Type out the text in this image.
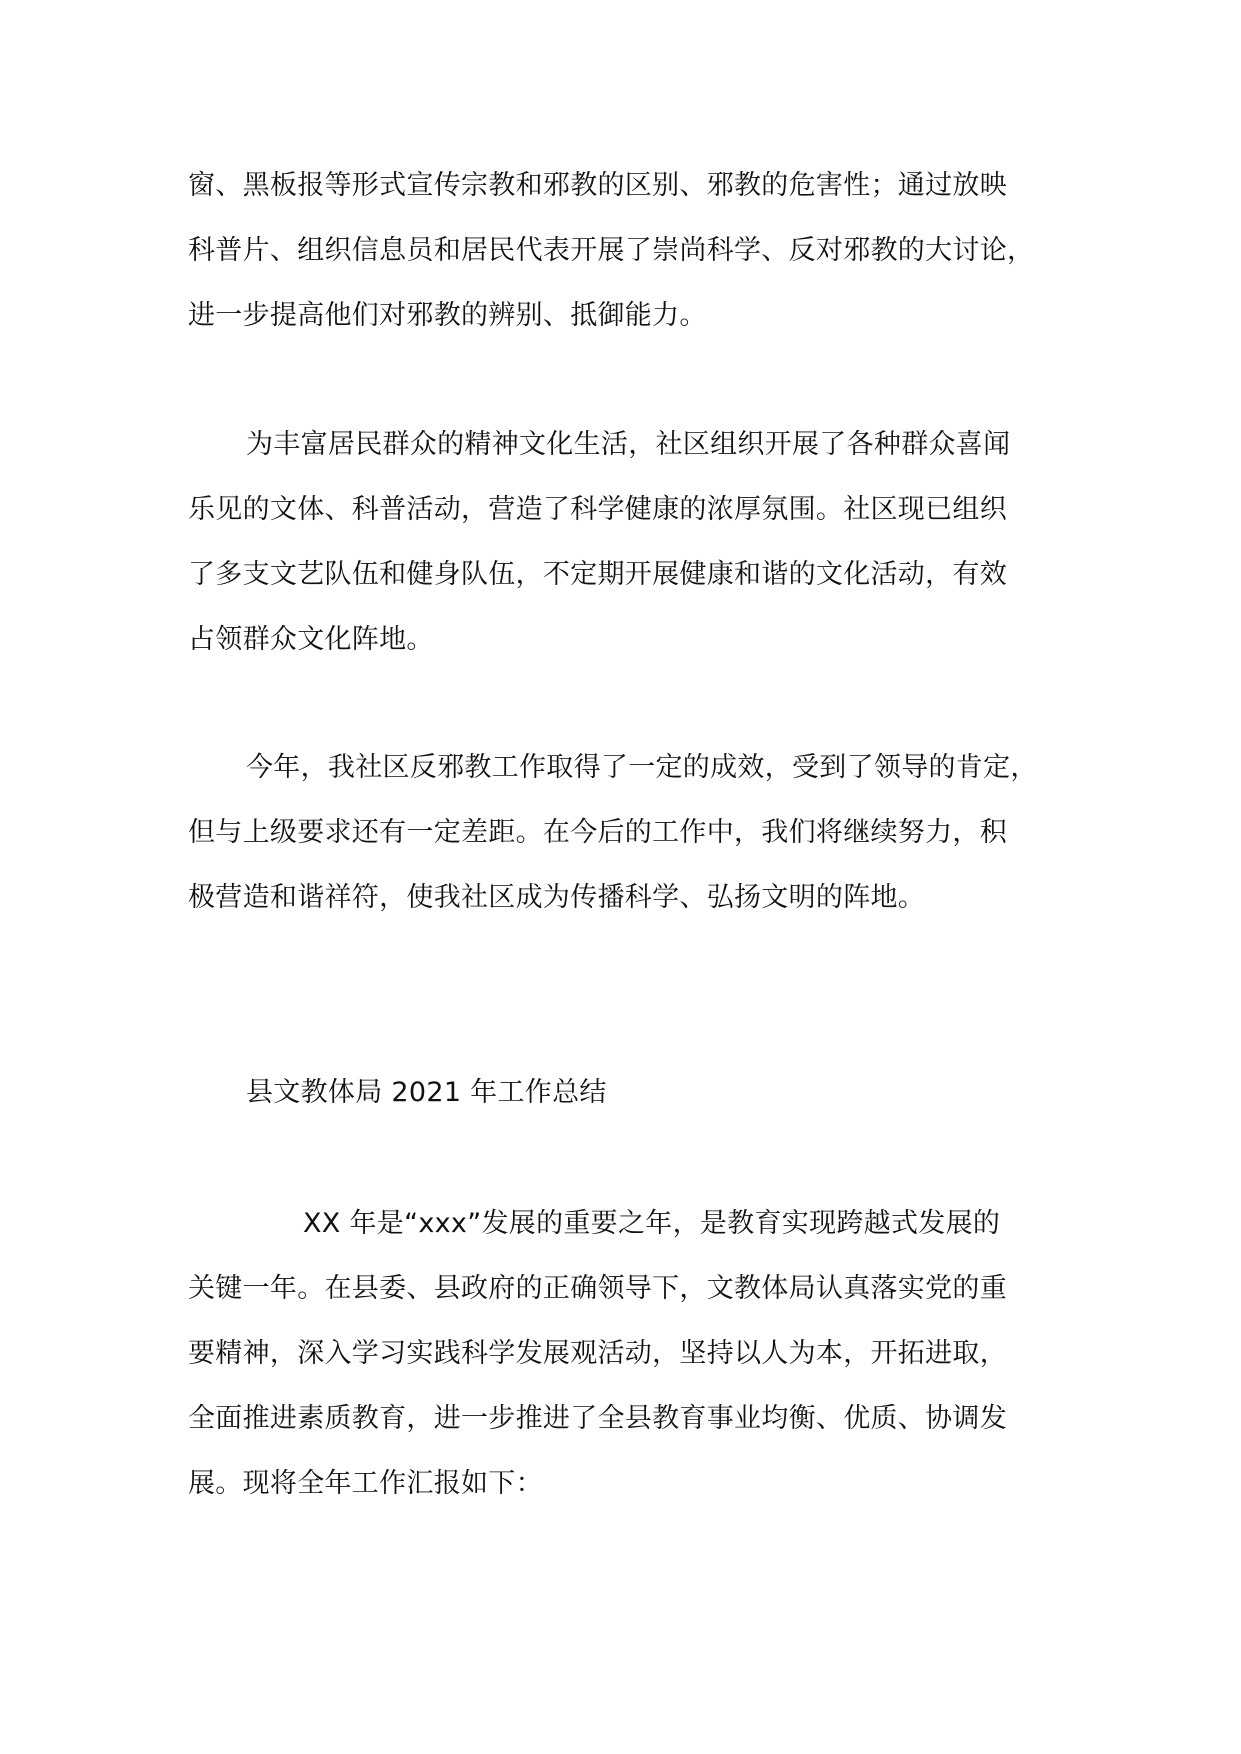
窗、黑板报等形式宣传宗教和邪教的区别、邪教的危害性；通过放映
科普片、组织信息员和居民代表开展了崇尚科学、反对邪教的大讨论，
进一步提高他们对邪教的辨别、抵御能力。
为丰富居民群众的精神文化生活，社区组织开展了各种群众喜闻
乐见的文体、科普活动，营造了科学健康的浓厚氛围。社区现已组织
了多支文艺队伍和健身队伍，不定期开展健康和谐的文化活动，有效
占领群众文化阵地。
今年，我社区反邪教工作取得了一定的成效，受到了领导的肯定，
但与上级要求还有一定差距。在今后的工作中，我们将继续努力，积
极营造和谐祥符，使我社区成为传播科学、弘扬文明的阵地。
县文教体局 2021 年工作总结
XX 年是“xxx”发展的重要之年，是教育实现跨越式发展的
关键一年。在县委、县政府的正确领导下，文教体局认真落实党的重
要精神，深入学习实践科学发展观活动，坚持以人为本，开拓进取，
全面推进素质教育，进一步推进了全县教育事业均衡、优质、协调发
展。现将全年工作汇报如下：
